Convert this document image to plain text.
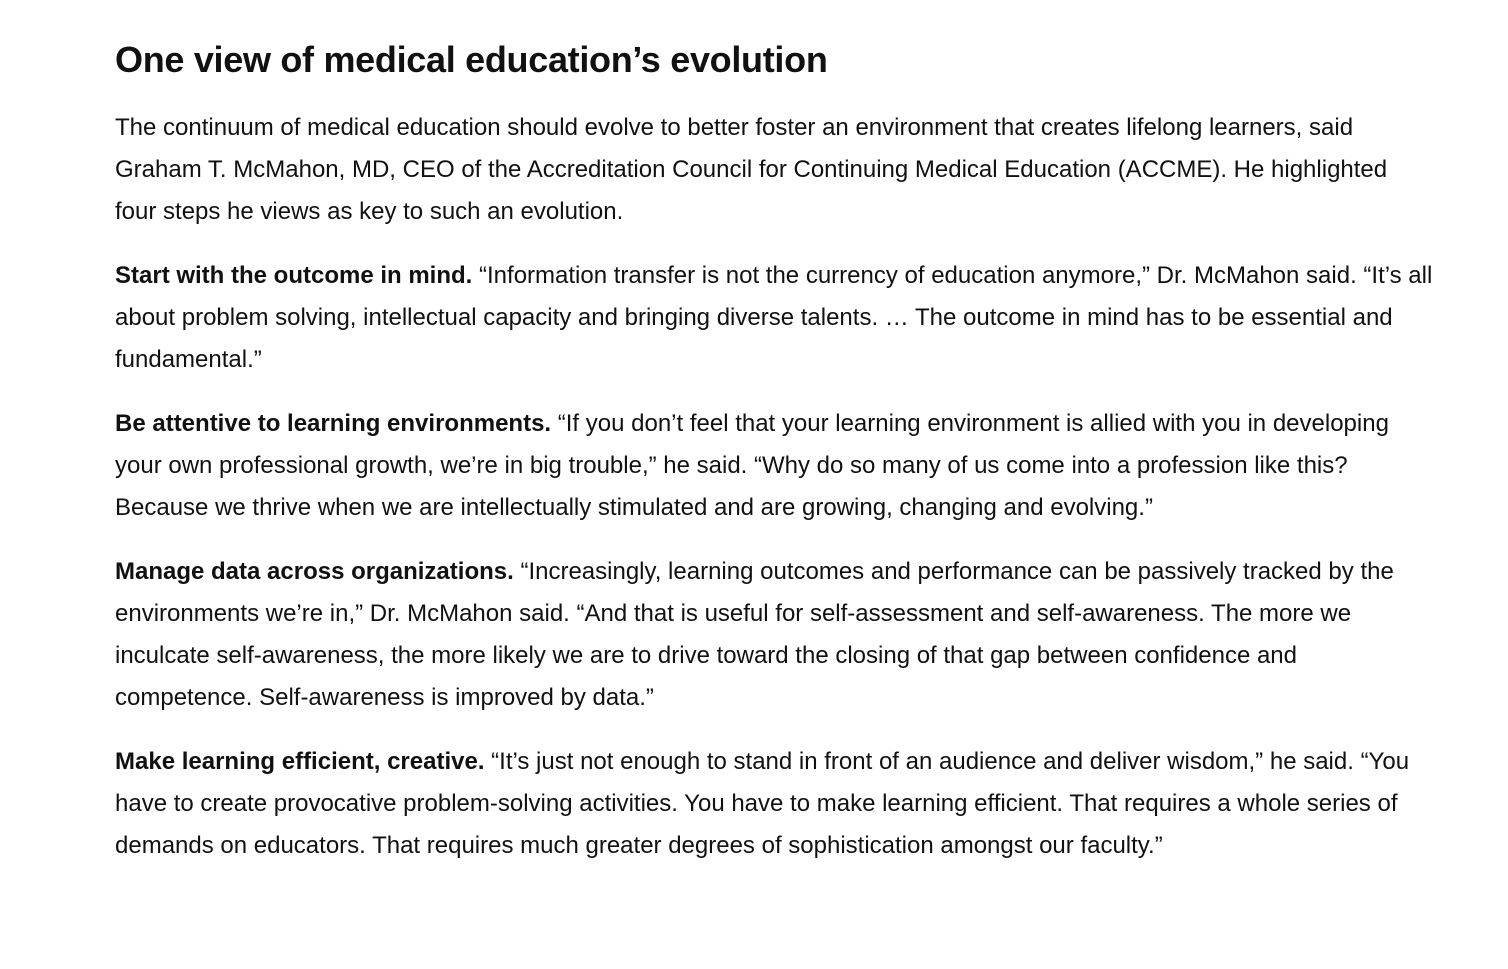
One view of medical education’s evolution

The continuum of medical education should evolve to better foster an environment that creates lifelong learners, said Graham T. McMahon, MD, CEO of the Accreditation Council for Continuing Medical Education (ACCME). He highlighted four steps he views as key to such an evolution.

Start with the outcome in mind. “Information transfer is not the currency of education anymore,” Dr. McMahon said. “It’s all about problem solving, intellectual capacity and bringing diverse talents. … The outcome in mind has to be essential and fundamental.”

Be attentive to learning environments. “If you don’t feel that your learning environment is allied with you in developing your own professional growth, we’re in big trouble,” he said. “Why do so many of us come into a profession like this? Because we thrive when we are intellectually stimulated and are growing, changing and evolving.”

Manage data across organizations. “Increasingly, learning outcomes and performance can be passively tracked by the environments we’re in,” Dr. McMahon said. “And that is useful for self-assessment and self-awareness. The more we inculcate self-awareness, the more likely we are to drive toward the closing of that gap between confidence and competence. Self-awareness is improved by data.”

Make learning efficient, creative. “It’s just not enough to stand in front of an audience and deliver wisdom,” he said. “You have to create provocative problem-solving activities. You have to make learning efficient. That requires a whole series of demands on educators. That requires much greater degrees of sophistication amongst our faculty.”
